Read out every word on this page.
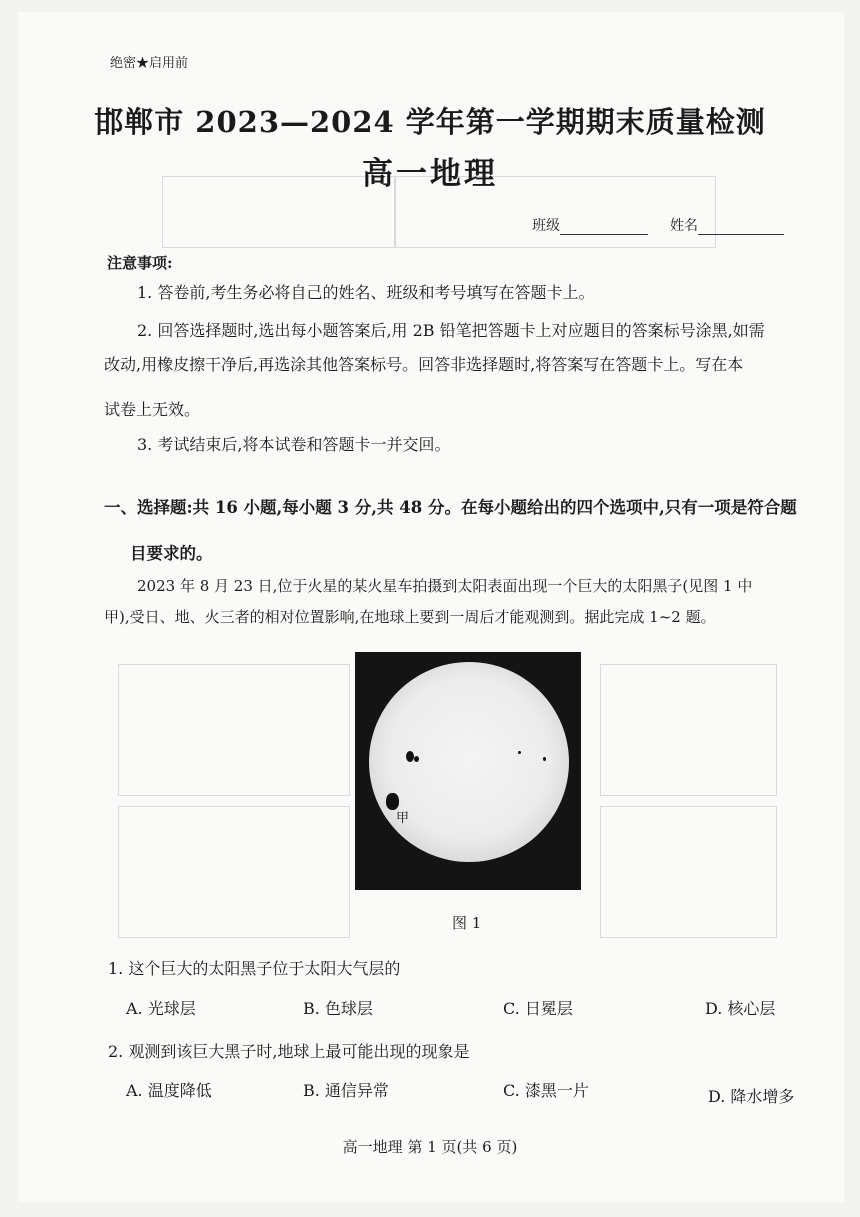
绝密★启用前
邯郸市 2023—2024 学年第一学期期末质量检测
高一地理
班级	姓名
注意事项:
1. 答卷前,考生务必将自己的姓名、班级和考号填写在答题卡上。
2. 回答选择题时,选出每小题答案后,用 2B 铅笔把答题卡上对应题目的答案标号涂黑,如需
改动,用橡皮擦干净后,再选涂其他答案标号。回答非选择题时,将答案写在答题卡上。写在本
试卷上无效。
3. 考试结束后,将本试卷和答题卡一并交回。
一、选择题:共 16 小题,每小题 3 分,共 48 分。在每小题给出的四个选项中,只有一项是符合题
目要求的。
2023 年 8 月 23 日,位于火星的某火星车拍摄到太阳表面出现一个巨大的太阳黑子(见图 1 中
甲),受日、地、火三者的相对位置影响,在地球上要到一周后才能观测到。据此完成 1~2 题。
甲
图 1
1. 这个巨大的太阳黑子位于太阳大气层的
A. 光球层	B. 色球层	C. 日冕层	D. 核心层
2. 观测到该巨大黑子时,地球上最可能出现的现象是
A. 温度降低	B. 通信异常	C. 漆黑一片	D. 降水增多
高一地理 第 1 页(共 6 页)
